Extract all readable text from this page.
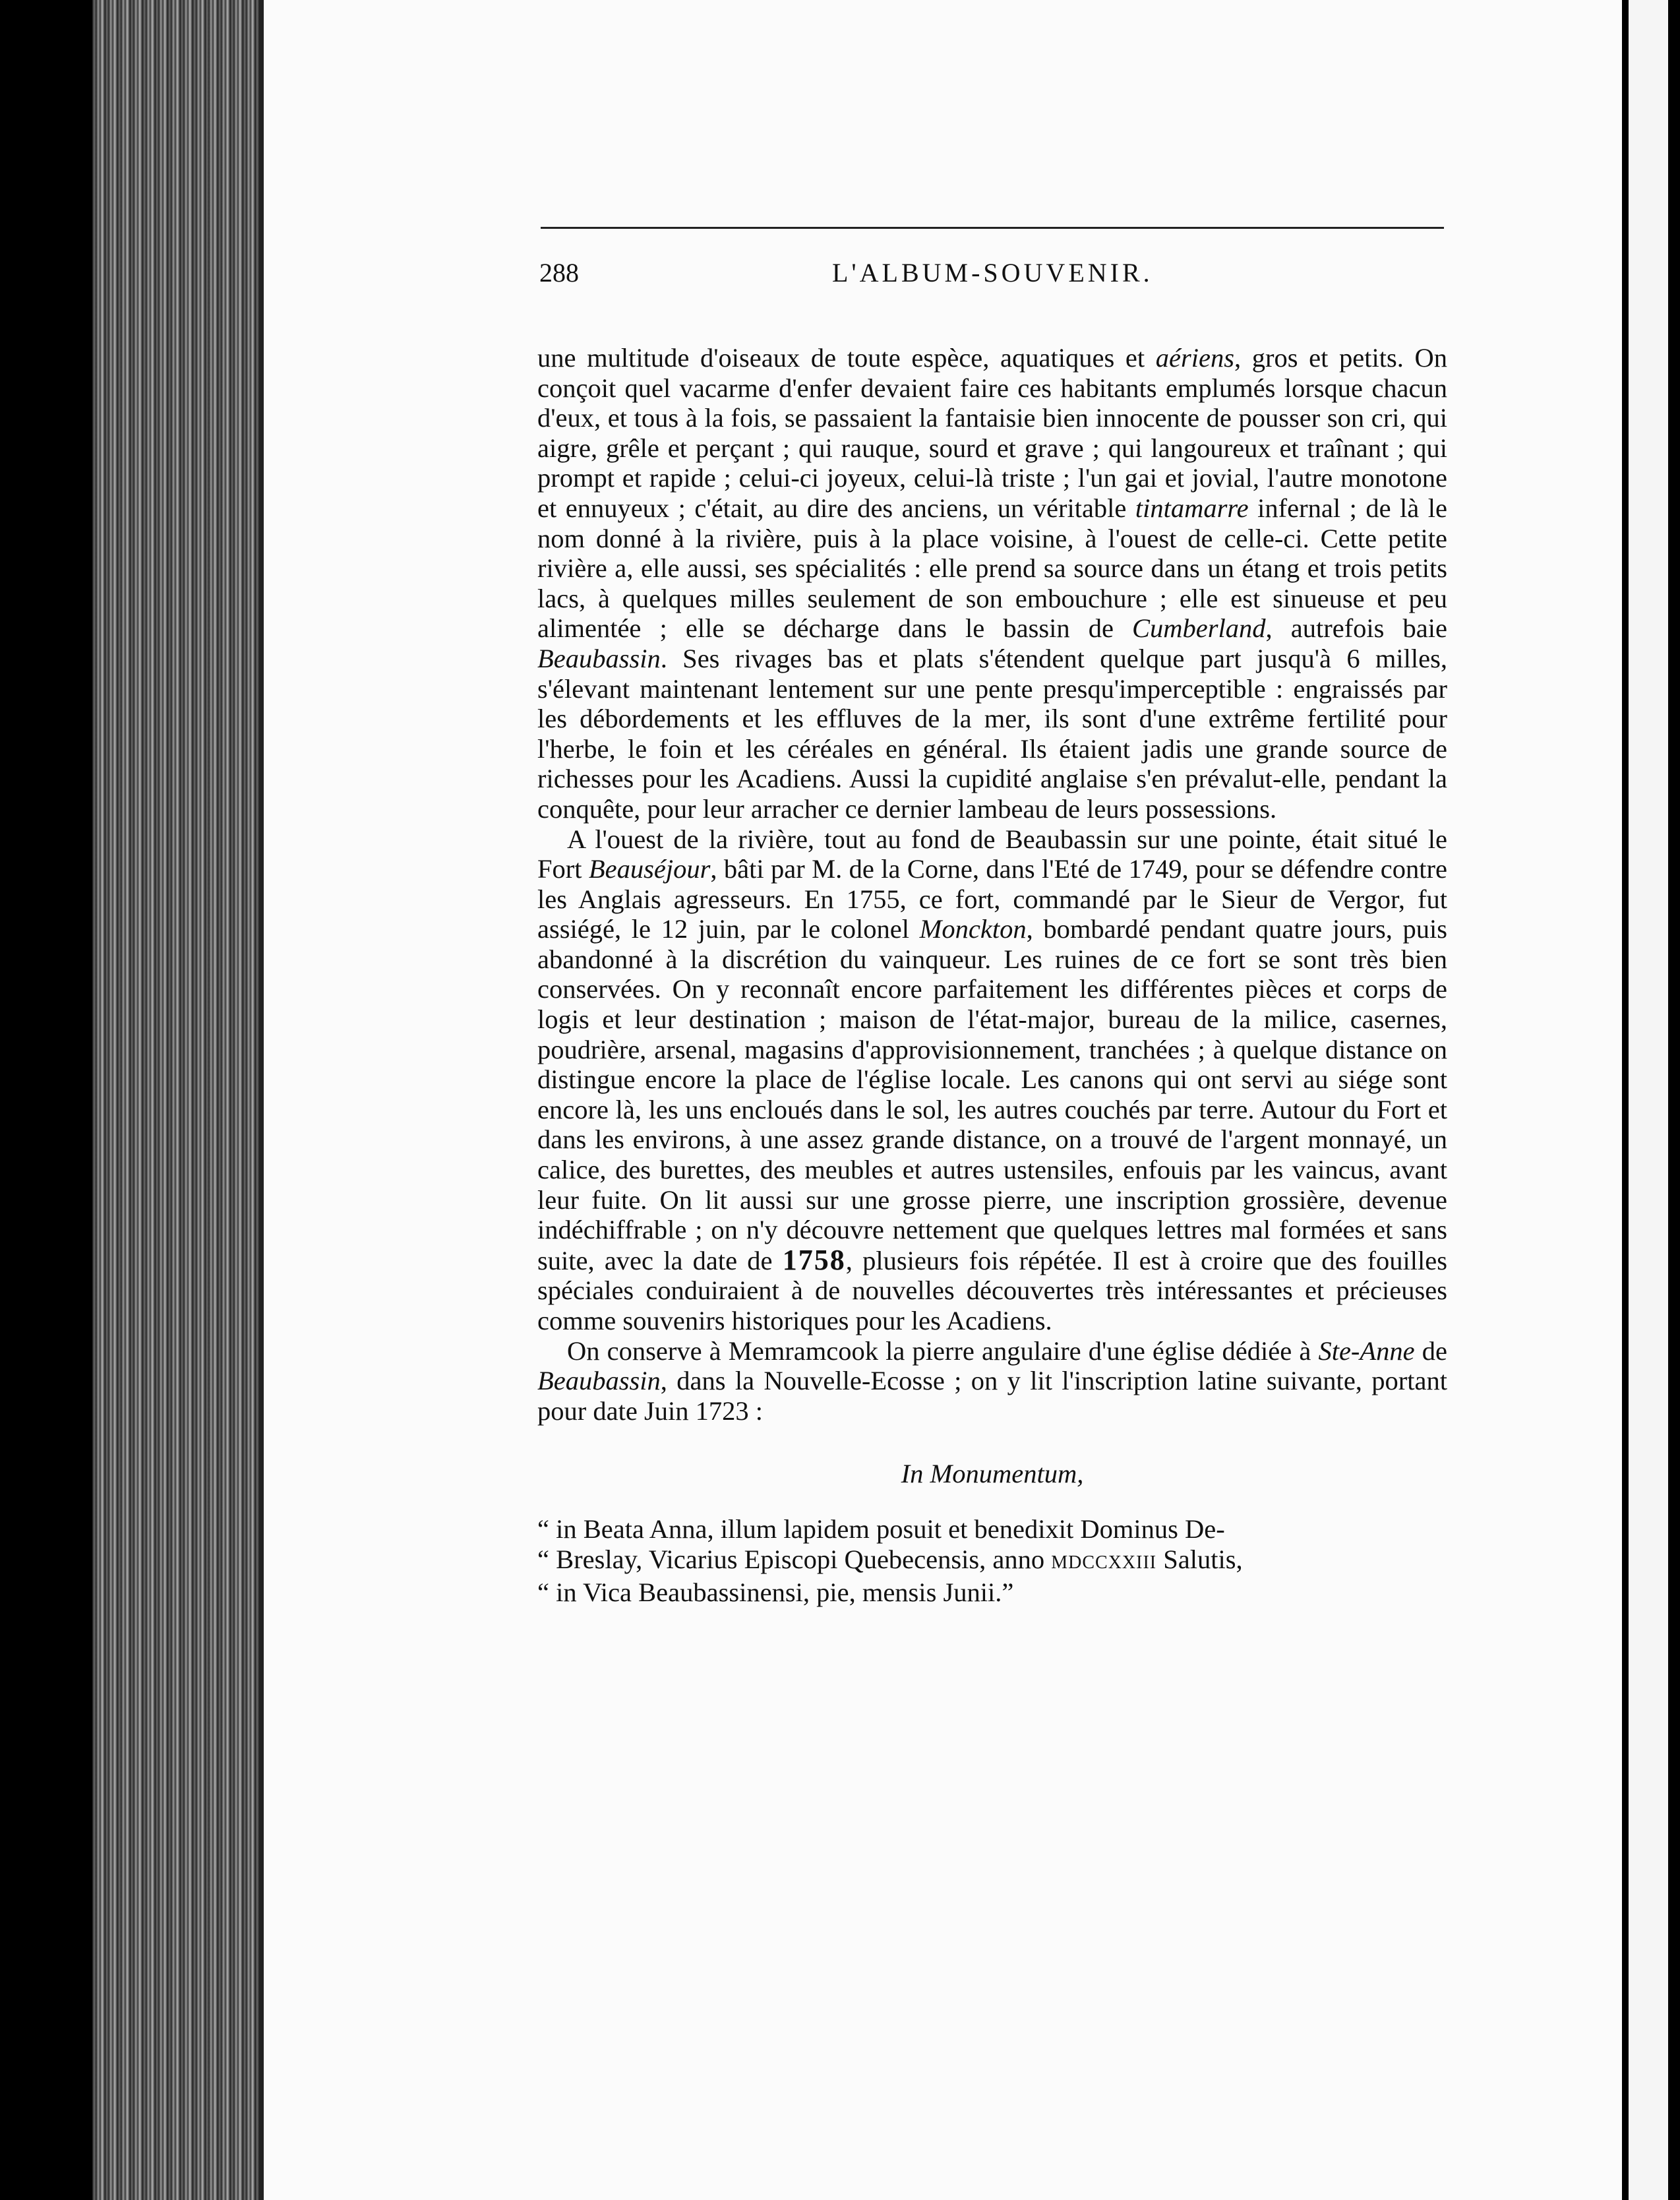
288	L'ALBUM-SOUVENIR.

une multitude d'oiseaux de toute espèce, aquatiques et aériens, gros et petits. On conçoit quel vacarme d'enfer devaient faire ces habitants emplumés lorsque chacun d'eux, et tous à la fois, se passaient la fantaisie bien innocente de pousser son cri, qui aigre, grêle et perçant ; qui rauque, sourd et grave ; qui langoureux et traînant ; qui prompt et rapide ; celui-ci joyeux, celui-là triste ; l'un gai et jovial, l'autre monotone et ennuyeux ; c'était, au dire des anciens, un véritable tintamarre infernal ; de là le nom donné à la rivière, puis à la place voisine, à l'ouest de celle-ci. Cette petite rivière a, elle aussi, ses spécialités : elle prend sa source dans un étang et trois petits lacs, à quelques milles seulement de son embouchure ; elle est sinueuse et peu alimentée ; elle se décharge dans le bassin de Cumberland, autrefois baie Beaubassin. Ses rivages bas et plats s'étendent quelque part jusqu'à 6 milles, s'élevant maintenant lentement sur une pente presqu'imperceptible : engraissés par les débordements et les effluves de la mer, ils sont d'une extrême fertilité pour l'herbe, le foin et les céréales en général. Ils étaient jadis une grande source de richesses pour les Acadiens. Aussi la cupidité anglaise s'en prévalut-elle, pendant la conquête, pour leur arracher ce dernier lambeau de leurs possessions.

A l'ouest de la rivière, tout au fond de Beaubassin sur une pointe, était situé le Fort Beauséjour, bâti par M. de la Corne, dans l'Eté de 1749, pour se défendre contre les Anglais agresseurs. En 1755, ce fort, commandé par le Sieur de Vergor, fut assiégé, le 12 juin, par le colonel Monckton, bombardé pendant quatre jours, puis abandonné à la discrétion du vainqueur. Les ruines de ce fort se sont très bien conservées. On y reconnaît encore parfaitement les différentes pièces et corps de logis et leur destination ; maison de l'état-major, bureau de la milice, casernes, poudrière, arsenal, magasins d'approvisionnement, tranchées ; à quelque distance on distingue encore la place de l'église locale. Les canons qui ont servi au siége sont encore là, les uns encloués dans le sol, les autres couchés par terre. Autour du Fort et dans les environs, à une assez grande distance, on a trouvé de l'argent monnayé, un calice, des burettes, des meubles et autres ustensiles, enfouis par les vaincus, avant leur fuite. On lit aussi sur une grosse pierre, une inscription grossière, devenue indéchiffrable ; on n'y découvre nettement que quelques lettres mal formées et sans suite, avec la date de 1758, plusieurs fois répétée. Il est à croire que des fouilles spéciales conduiraient à de nouvelles découvertes très intéressantes et précieuses comme souvenirs historiques pour les Acadiens.

On conserve à Memramcook la pierre angulaire d'une église dédiée à Ste-Anne de Beaubassin, dans la Nouvelle-Ecosse ; on y lit l'inscription latine suivante, portant pour date Juin 1723 :

In Monumentum,

“ in Beata Anna, illum lapidem posuit et benedixit Dominus De-

“ Breslay, Vicarius Episcopi Quebecensis, anno MDCCXXIII Salutis,

“ in Vica Beaubassinensi, pie, mensis Junii.”
